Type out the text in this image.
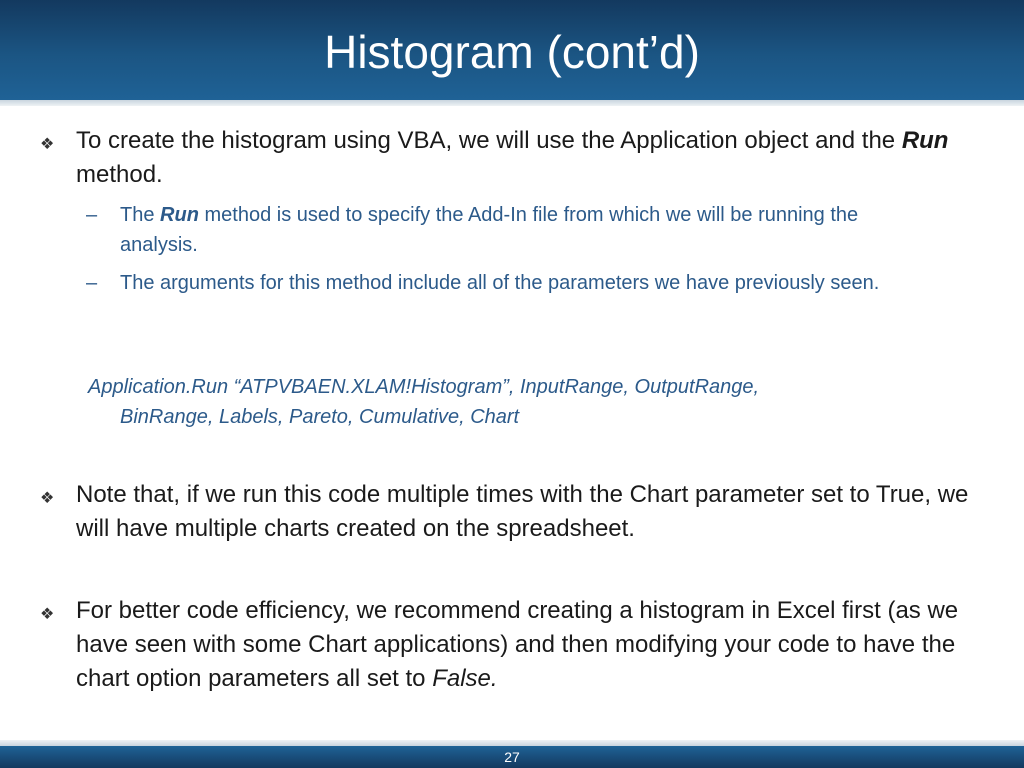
Histogram (cont’d)
❖ To create the histogram using VBA, we will use the Application object and the Run method.
– The Run method is used to specify the Add-In file from which we will be running the analysis.
– The arguments for this method include all of the parameters we have previously seen.
Application.Run “ATPVBAEN.XLAM!Histogram”, InputRange, OutputRange,
BinRange, Labels, Pareto, Cumulative, Chart
❖ Note that, if we run this code multiple times with the Chart parameter set to True, we will have multiple charts created on the spreadsheet.
❖ For better code efficiency, we recommend creating a histogram in Excel first (as we have seen with some Chart applications) and then modifying your code to have the chart option parameters all set to False.
27
